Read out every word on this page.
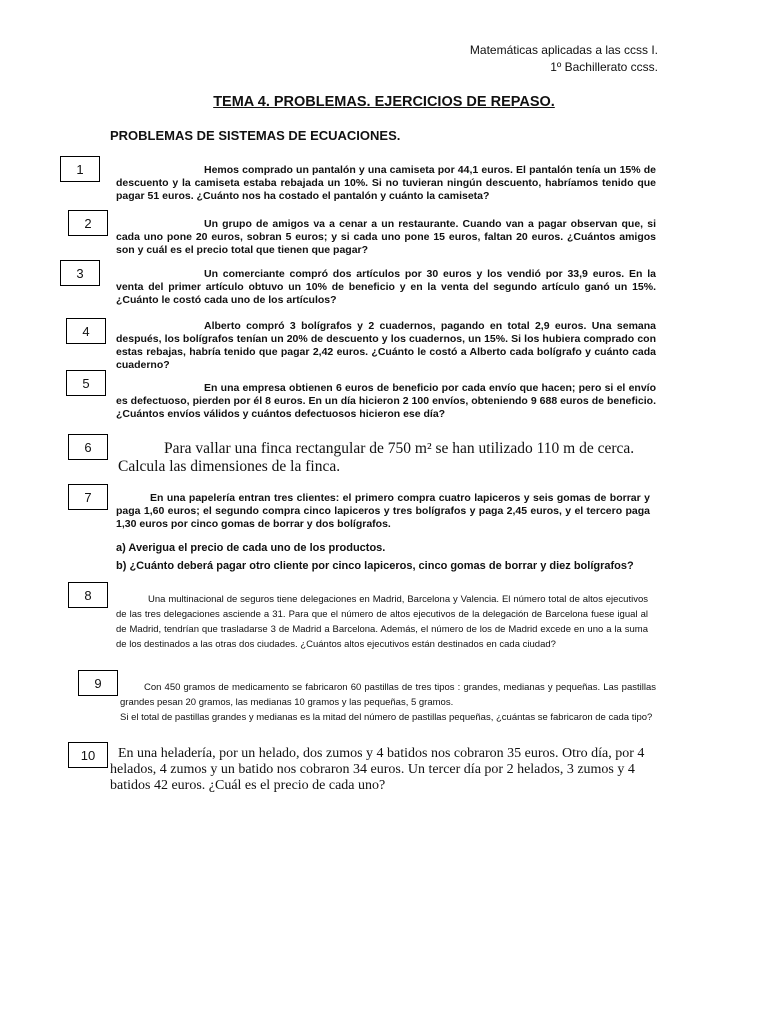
Matemáticas aplicadas a las ccss I.
1º Bachillerato ccss.
TEMA 4. PROBLEMAS. EJERCICIOS DE REPASO.
PROBLEMAS DE SISTEMAS DE ECUACIONES.
1	Hemos comprado un pantalón y una camiseta por 44,1 euros. El pantalón tenía un 15% de descuento y la camiseta estaba rebajada un 10%. Si no tuvieran ningún descuento, habríamos tenido que pagar 51 euros. ¿Cuánto nos ha costado el pantalón y cuánto la camiseta?
2	Un grupo de amigos va a cenar a un restaurante. Cuando van a pagar observan que, si cada uno pone 20 euros, sobran 5 euros; y si cada uno pone 15 euros, faltan 20 euros. ¿Cuántos amigos son y cuál es el precio total que tienen que pagar?
3	Un comerciante compró dos artículos por 30 euros y los vendió por 33,9 euros. En la venta del primer artículo obtuvo un 10% de beneficio y en la venta del segundo artículo ganó un 15%. ¿Cuánto le costó cada uno de los artículos?
4	Alberto compró 3 bolígrafos y 2 cuadernos, pagando en total 2,9 euros. Una semana después, los bolígrafos tenían un 20% de descuento y los cuadernos, un 15%. Si los hubiera comprado con estas rebajas, habría tenido que pagar 2,42 euros. ¿Cuánto le costó a Alberto cada bolígrafo y cuánto cada cuaderno?
5	En una empresa obtienen 6 euros de beneficio por cada envío que hacen; pero si el envío es defectuoso, pierden por él 8 euros. En un día hicieron 2 100 envíos, obteniendo 9 688 euros de beneficio. ¿Cuántos envíos válidos y cuántos defectuosos hicieron ese día?
6	Para vallar una finca rectangular de 750 m² se han utilizado 110 m de cerca. Calcula las dimensiones de la finca.
7	En una papelería entran tres clientes: el primero compra cuatro lapiceros y seis gomas de borrar y paga 1,60 euros; el segundo compra cinco lapiceros y tres bolígrafos y paga 2,45 euros, y el tercero paga 1,30 euros por cinco gomas de borrar y dos bolígrafos.
a) Averigua el precio de cada uno de los productos.
b) ¿Cuánto deberá pagar otro cliente por cinco lapiceros, cinco gomas de borrar y diez bolígrafos?
8	Una multinacional de seguros tiene delegaciones en Madrid, Barcelona y Valencia. El número total de altos ejecutivos de las tres delegaciones asciende a 31. Para que el número de altos ejecutivos de la delegación de Barcelona fuese igual al de Madrid, tendrían que trasladarse 3 de Madrid a Barcelona. Además, el número de los de Madrid excede en uno a la suma de los destinados a las otras dos ciudades. ¿Cuántos altos ejecutivos están destinados en cada ciudad?
9	Con 450 gramos de medicamento se fabricaron 60 pastillas de tres tipos : grandes, medianas y pequeñas. Las pastillas grandes pesan 20 gramos, las medianas 10 gramos y las pequeñas, 5 gramos.
Si el total de pastillas grandes y medianas es la mitad del número de pastillas pequeñas, ¿cuántas se fabricaron de cada tipo?
10	En una heladería, por un helado, dos zumos y 4 batidos nos cobraron 35 euros. Otro día, por 4 helados, 4 zumos y un batido nos cobraron 34 euros. Un tercer día por 2 helados, 3 zumos y 4 batidos 42 euros. ¿Cuál es el precio de cada uno?
